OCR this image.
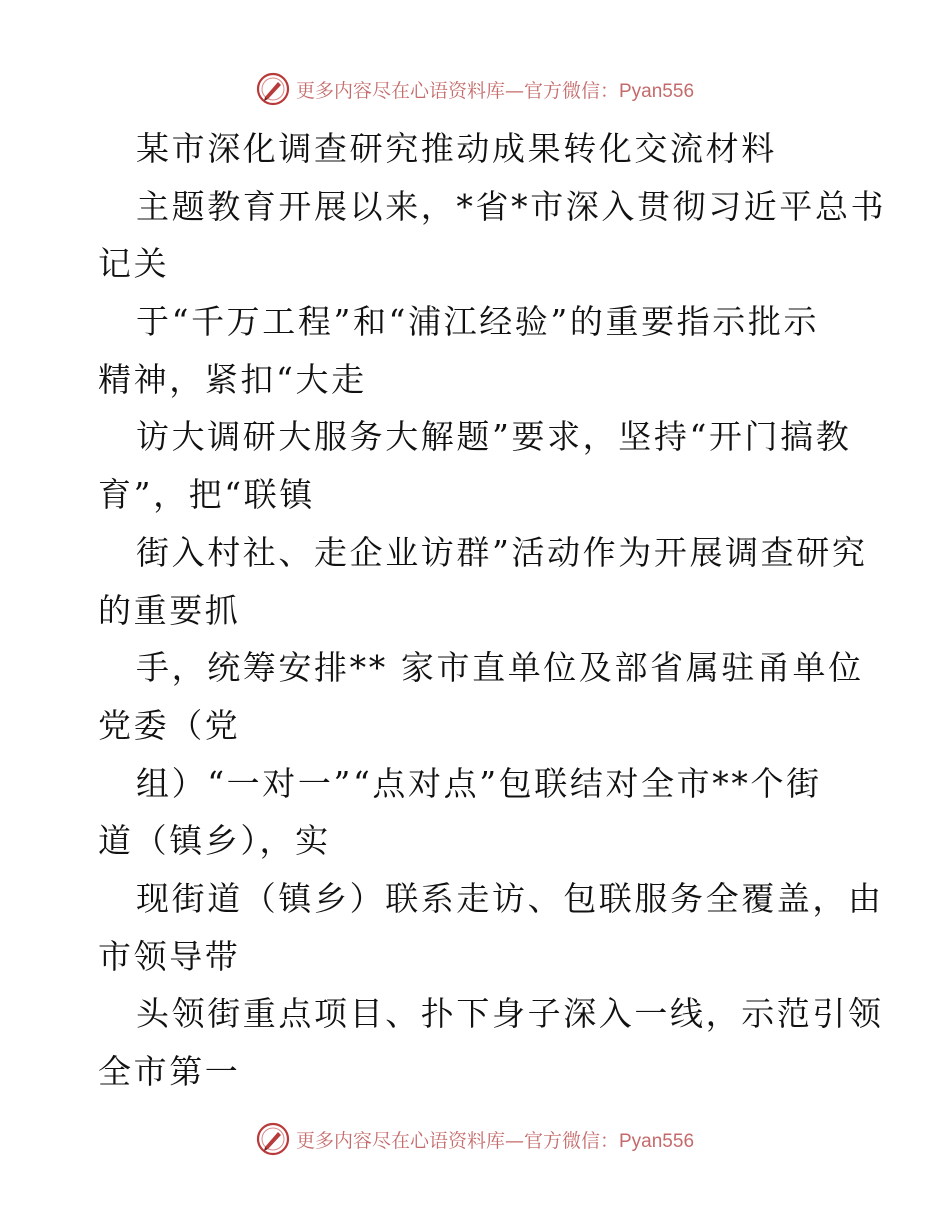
更多内容尽在心语资料库—官方微信：Pyan556
某市深化调查研究推动成果转化交流材料
主题教育开展以来，*省*市深入贯彻习近平总书
记关
于“千万工程”和“浦江经验”的重要指示批示
精神，紧扣“大走
访大调研大服务大解题”要求，坚持“开门搞教
育”，把“联镇
街入村社、走企业访群”活动作为开展调查研究
的重要抓
手，统筹安排** 家市直单位及部省属驻甬单位
党委（党
组）“一对一”“点对点”包联结对全市**个街
道（镇乡），实
现街道（镇乡）联系走访、包联服务全覆盖，由
市领导带
头领街重点项目、扑下身子深入一线，示范引领
全市第一
更多内容尽在心语资料库—官方微信：Pyan556
